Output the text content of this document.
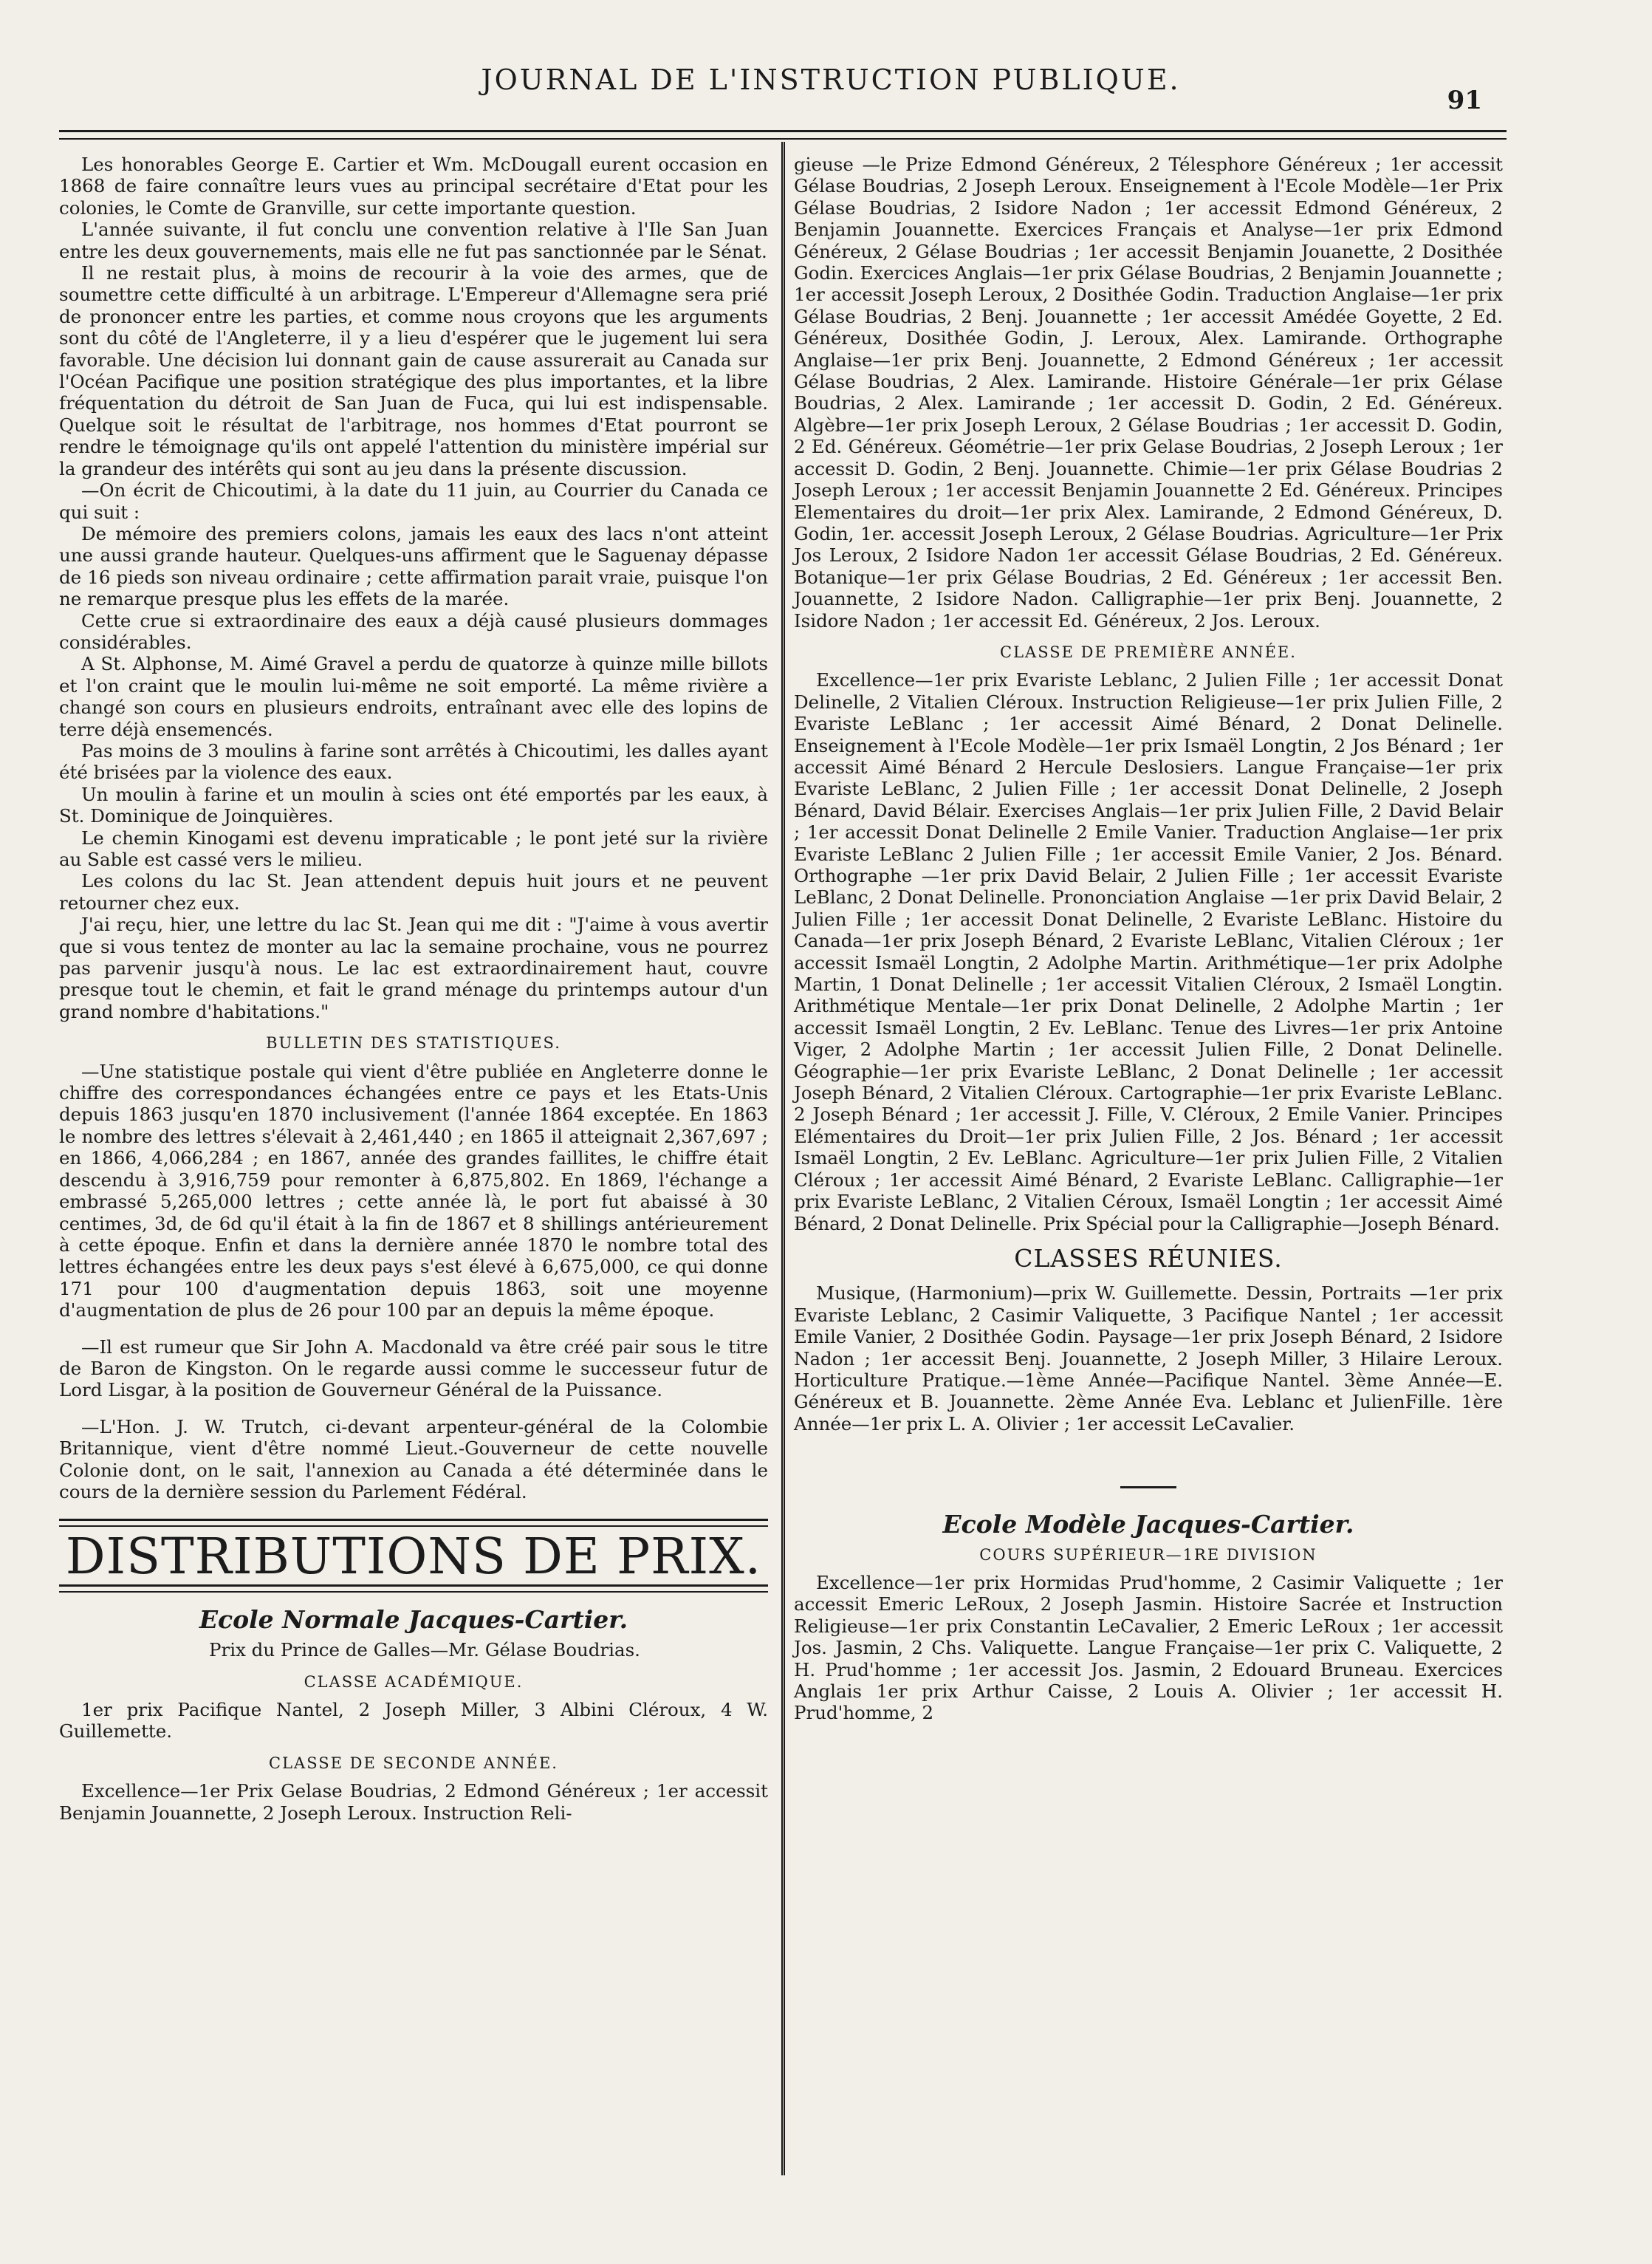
JOURNAL DE L'INSTRUCTION PUBLIQUE.
91

Les honorables George E. Cartier et Wm. McDougall eurent occasion en 1868 de faire connaître leurs vues au principal secrétaire d'Etat pour les colonies, le Comte de Granville, sur cette importante question.

L'année suivante, il fut conclu une convention relative à l'Ile San Juan entre les deux gouvernements, mais elle ne fut pas sanctionnée par le Sénat.

Il ne restait plus, à moins de recourir à la voie des armes, que de soumettre cette difficulté à un arbitrage. L'Empereur d'Allemagne sera prié de prononcer entre les parties, et comme nous croyons que les arguments sont du côté de l'Angleterre, il y a lieu d'espérer que le jugement lui sera favorable. Une décision lui donnant gain de cause assurerait au Canada sur l'Océan Pacifique une position stratégique des plus importantes, et la libre fréquentation du détroit de San Juan de Fuca, qui lui est indispensable. Quelque soit le résultat de l'arbitrage, nos hommes d'Etat pourront se rendre le témoignage qu'ils ont appelé l'attention du ministère impérial sur la grandeur des intérêts qui sont au jeu dans la présente discussion.

—On écrit de Chicoutimi, à la date du 11 juin, au Courrier du Canada ce qui suit :

De mémoire des premiers colons, jamais les eaux des lacs n'ont atteint une aussi grande hauteur. Quelques-uns affirment que le Saguenay dépasse de 16 pieds son niveau ordinaire ; cette affirmation parait vraie, puisque l'on ne remarque presque plus les effets de la marée.

Cette crue si extraordinaire des eaux a déjà causé plusieurs dommages considérables.

A St. Alphonse, M. Aimé Gravel a perdu de quatorze à quinze mille billots et l'on craint que le moulin lui-même ne soit emporté. La même rivière a changé son cours en plusieurs endroits, entraînant avec elle des lopins de terre déjà ensemencés.

Pas moins de 3 moulins à farine sont arrêtés à Chicoutimi, les dalles ayant été brisées par la violence des eaux.

Un moulin à farine et un moulin à scies ont été emportés par les eaux, à St. Dominique de Joinquières.

Le chemin Kinogami est devenu impraticable ; le pont jeté sur la rivière au Sable est cassé vers le milieu.

Les colons du lac St. Jean attendent depuis huit jours et ne peuvent retourner chez eux.

J'ai reçu, hier, une lettre du lac St. Jean qui me dit : "J'aime à vous avertir que si vous tentez de monter au lac la semaine prochaine, vous ne pourrez pas parvenir jusqu'à nous. Le lac est extraordinairement haut, couvre presque tout le chemin, et fait le grand ménage du printemps autour d'un grand nombre d'habitations."

BULLETIN DES STATISTIQUES.

—Une statistique postale qui vient d'être publiée en Angleterre donne le chiffre des correspondances échangées entre ce pays et les Etats-Unis depuis 1863 jusqu'en 1870 inclusivement (l'année 1864 exceptée. En 1863 le nombre des lettres s'élevait à 2,461,440 ; en 1865 il atteignait 2,367,697 ; en 1866, 4,066,284 ; en 1867, année des grandes faillites, le chiffre était descendu à 3,916,759 pour remonter à 6,875,802. En 1869, l'échange a embrassé 5,265,000 lettres ; cette année là, le port fut abaissé à 30 centimes, 3d, de 6d qu'il était à la fin de 1867 et 8 shillings antérieurement à cette époque. Enfin et dans la dernière année 1870 le nombre total des lettres échangées entre les deux pays s'est élevé à 6,675,000, ce qui donne 171 pour 100 d'augmentation depuis 1863, soit une moyenne d'augmentation de plus de 26 pour 100 par an depuis la même époque.

—Il est rumeur que Sir John A. Macdonald va être créé pair sous le titre de Baron de Kingston. On le regarde aussi comme le successeur futur de Lord Lisgar, à la position de Gouverneur Général de la Puissance.

—L'Hon. J. W. Trutch, ci-devant arpenteur-général de la Colombie Britannique, vient d'être nommé Lieut.-Gouverneur de cette nouvelle Colonie dont, on le sait, l'annexion au Canada a été déterminée dans le cours de la dernière session du Parlement Fédéral.

DISTRIBUTIONS DE PRIX.
Ecole Normale Jacques-Cartier.

Prix du Prince de Galles—Mr. Gélase Boudrias.

CLASSE ACADÉMIQUE.

1er prix Pacifique Nantel, 2 Joseph Miller, 3 Albini Cléroux, 4 W. Guillemette.

CLASSE DE SECONDE ANNÉE.

Excellence—1er Prix Gelase Boudrias, 2 Edmond Généreux ; 1er accessit Benjamin Jouannette, 2 Joseph Leroux. Instruction Reli-

gieuse —le Prize Edmond Généreux, 2 Télesphore Généreux ; 1er accessit Gélase Boudrias, 2 Joseph Leroux. Enseignement à l'Ecole Modèle—1er Prix Gélase Boudrias, 2 Isidore Nadon ; 1er accessit Edmond Généreux, 2 Benjamin Jouannette. Exercices Français et Analyse—1er prix Edmond Généreux, 2 Gélase Boudrias ; 1er accessit Benjamin Jouanette, 2 Dosithée Godin. Exercices Anglais—1er prix Gélase Boudrias, 2 Benjamin Jouannette ; 1er accessit Joseph Leroux, 2 Dosithée Godin. Traduction Anglaise—1er prix Gélase Boudrias, 2 Benj. Jouannette ; 1er accessit Amédée Goyette, 2 Ed. Généreux, Dosithée Godin, J. Leroux, Alex. Lamirande. Orthographe Anglaise—1er prix Benj. Jouannette, 2 Edmond Généreux ; 1er accessit Gélase Boudrias, 2 Alex. Lamirande. Histoire Générale—1er prix Gélase Boudrias, 2 Alex. Lamirande ; 1er accessit D. Godin, 2 Ed. Généreux. Algèbre—1er prix Joseph Leroux, 2 Gélase Boudrias ; 1er accessit D. Godin, 2 Ed. Généreux. Géométrie—1er prix Gelase Boudrias, 2 Joseph Leroux ; 1er accessit D. Godin, 2 Benj. Jouannette. Chimie—1er prix Gélase Boudrias 2 Joseph Leroux ; 1er accessit Benjamin Jouannette 2 Ed. Généreux. Principes Elementaires du droit—1er prix Alex. Lamirande, 2 Edmond Généreux, D. Godin, 1er. accessit Joseph Leroux, 2 Gélase Boudrias. Agriculture—1er Prix Jos Leroux, 2 Isidore Nadon 1er accessit Gélase Boudrias, 2 Ed. Généreux. Botanique—1er prix Gélase Boudrias, 2 Ed. Généreux ; 1er accessit Ben. Jouannette, 2 Isidore Nadon. Calligraphie—1er prix Benj. Jouannette, 2 Isidore Nadon ; 1er accessit Ed. Généreux, 2 Jos. Leroux.

CLASSE DE PREMIÈRE ANNÉE.

Excellence—1er prix Evariste Leblanc, 2 Julien Fille ; 1er accessit Donat Delinelle, 2 Vitalien Cléroux. Instruction Religieuse—1er prix Julien Fille, 2 Evariste LeBlanc ; 1er accessit Aimé Bénard, 2 Donat Delinelle. Enseignement à l'Ecole Modèle—1er prix Ismaël Longtin, 2 Jos Bénard ; 1er accessit Aimé Bénard 2 Hercule Deslosiers. Langue Française—1er prix Evariste LeBlanc, 2 Julien Fille ; 1er accessit Donat Delinelle, 2 Joseph Bénard, David Bélair. Exercises Anglais—1er prix Julien Fille, 2 David Belair ; 1er accessit Donat Delinelle 2 Emile Vanier. Traduction Anglaise—1er prix Evariste LeBlanc 2 Julien Fille ; 1er accessit Emile Vanier, 2 Jos. Bénard. Orthographe —1er prix David Belair, 2 Julien Fille ; 1er accessit Evariste LeBlanc, 2 Donat Delinelle. Prononciation Anglaise —1er prix David Belair, 2 Julien Fille ; 1er accessit Donat Delinelle, 2 Evariste LeBlanc. Histoire du Canada—1er prix Joseph Bénard, 2 Evariste LeBlanc, Vitalien Cléroux ; 1er accessit Ismaël Longtin, 2 Adolphe Martin. Arithmétique—1er prix Adolphe Martin, 1 Donat Delinelle ; 1er accessit Vitalien Cléroux, 2 Ismaël Longtin. Arithmétique Mentale—1er prix Donat Delinelle, 2 Adolphe Martin ; 1er accessit Ismaël Longtin, 2 Ev. LeBlanc. Tenue des Livres—1er prix Antoine Viger, 2 Adolphe Martin ; 1er accessit Julien Fille, 2 Donat Delinelle. Géographie—1er prix Evariste LeBlanc, 2 Donat Delinelle ; 1er accessit Joseph Bénard, 2 Vitalien Cléroux. Cartographie—1er prix Evariste LeBlanc. 2 Joseph Bénard ; 1er accessit J. Fille, V. Cléroux, 2 Emile Vanier. Principes Elémentaires du Droit—1er prix Julien Fille, 2 Jos. Bénard ; 1er accessit Ismaël Longtin, 2 Ev. LeBlanc. Agriculture—1er prix Julien Fille, 2 Vitalien Cléroux ; 1er accessit Aimé Bénard, 2 Evariste LeBlanc. Calligraphie—1er prix Evariste LeBlanc, 2 Vitalien Céroux, Ismaël Longtin ; 1er accessit Aimé Bénard, 2 Donat Delinelle. Prix Spécial pour la Calligraphie—Joseph Bénard.

CLASSES RÉUNIES.

Musique, (Harmonium)—prix W. Guillemette. Dessin, Portraits —1er prix Evariste Leblanc, 2 Casimir Valiquette, 3 Pacifique Nantel ; 1er accessit Emile Vanier, 2 Dosithée Godin. Paysage—1er prix Joseph Bénard, 2 Isidore Nadon ; 1er accessit Benj. Jouannette, 2 Joseph Miller, 3 Hilaire Leroux. Horticulture Pratique.—1ème Année—Pacifique Nantel. 3ème Année—E. Généreux et B. Jouannette. 2ème Année Eva. Leblanc et JulienFille. 1ère Année—1er prix L. A. Olivier ; 1er accessit LeCavalier.

Ecole Modèle Jacques-Cartier.
COURS SUPÉRIEUR—1RE DIVISION

Excellence—1er prix Hormidas Prud'homme, 2 Casimir Valiquette ; 1er accessit Emeric LeRoux, 2 Joseph Jasmin. Histoire Sacrée et Instruction Religieuse—1er prix Constantin LeCavalier, 2 Emeric LeRoux ; 1er accessit Jos. Jasmin, 2 Chs. Valiquette. Langue Française—1er prix C. Valiquette, 2 H. Prud'homme ; 1er accessit Jos. Jasmin, 2 Edouard Bruneau. Exercices Anglais 1er prix Arthur Caisse, 2 Louis A. Olivier ; 1er accessit H. Prud'homme, 2
